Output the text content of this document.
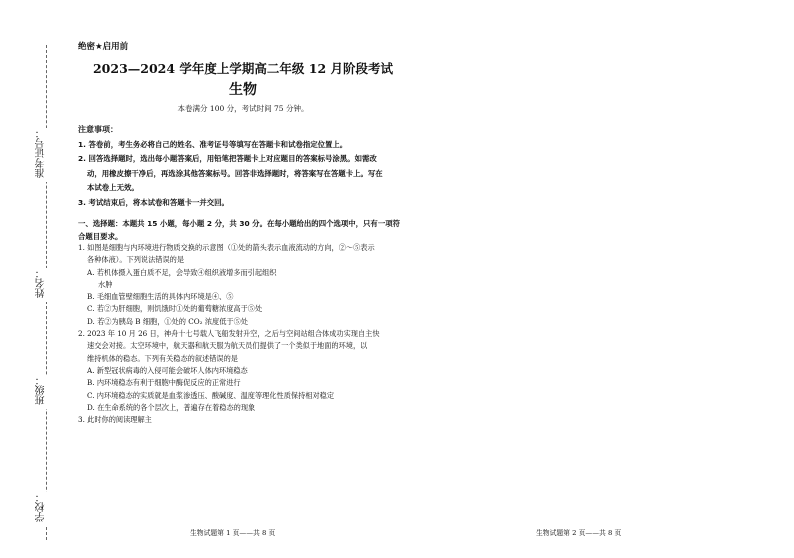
准考证号：
姓名：
班级：
学校：
绝密★启用前
2023—2024 学年度上学期高二年级 12 月阶段考试
生物
本卷满分 100 分，考试时间 75 分钟。
注意事项：
1. 答卷前，考生务必将自己的姓名、准考证号等填写在答题卡和试卷指定位置上。
2. 回答选择题时，选出每小题答案后，用铅笔把答题卡上对应题目的答案标号涂黑。如需改
动，用橡皮擦干净后，再选涂其他答案标号。回答非选择题时，将答案写在答题卡上。写在
本试卷上无效。
3. 考试结束后，将本试卷和答题卡一并交回。
一、选择题：本题共 15 小题，每小题 2 分，共 30 分。在每小题给出的四个选项中，只有一项符
合题目要求。
1. 如图是细胞与内环境进行物质交换的示意图（①处的箭头表示血液流动的方向，②～⑤表示
各种体液）。下列说法错误的是
A. 若机体摄入蛋白质不足，会导致④组织液增多而引起组织
水肿
B. 毛细血管壁细胞生活的具体内环境是④、⑤
C. 若②为肝细胞，则饥饿时①处的葡萄糖浓度高于⑤处
D. 若②为胰岛 B 细胞，①处的 CO₂ 浓度低于⑤处
2. 2023 年 10 月 26 日，神舟十七号载人飞船发射升空，之后与空间站组合体成功实现自主快
速交会对接。太空环境中，航天器和航天服为航天员们提供了一个类似于地面的环境，以
维持机体的稳态。下列有关稳态的叙述错误的是
A. 新型冠状病毒的入侵可能会破坏人体内环境稳态
B. 内环境稳态有利于细胞中酶促反应的正常进行
C. 内环境稳态的实质就是血浆渗透压、酸碱度、温度等理化性质保持相对稳定
D. 在生命系统的各个层次上，普遍存在着稳态的现象
3. 此时你的阅读理解主
生物试题第 1 页——共 8 页	生物试题第 2 页——共 8 页
